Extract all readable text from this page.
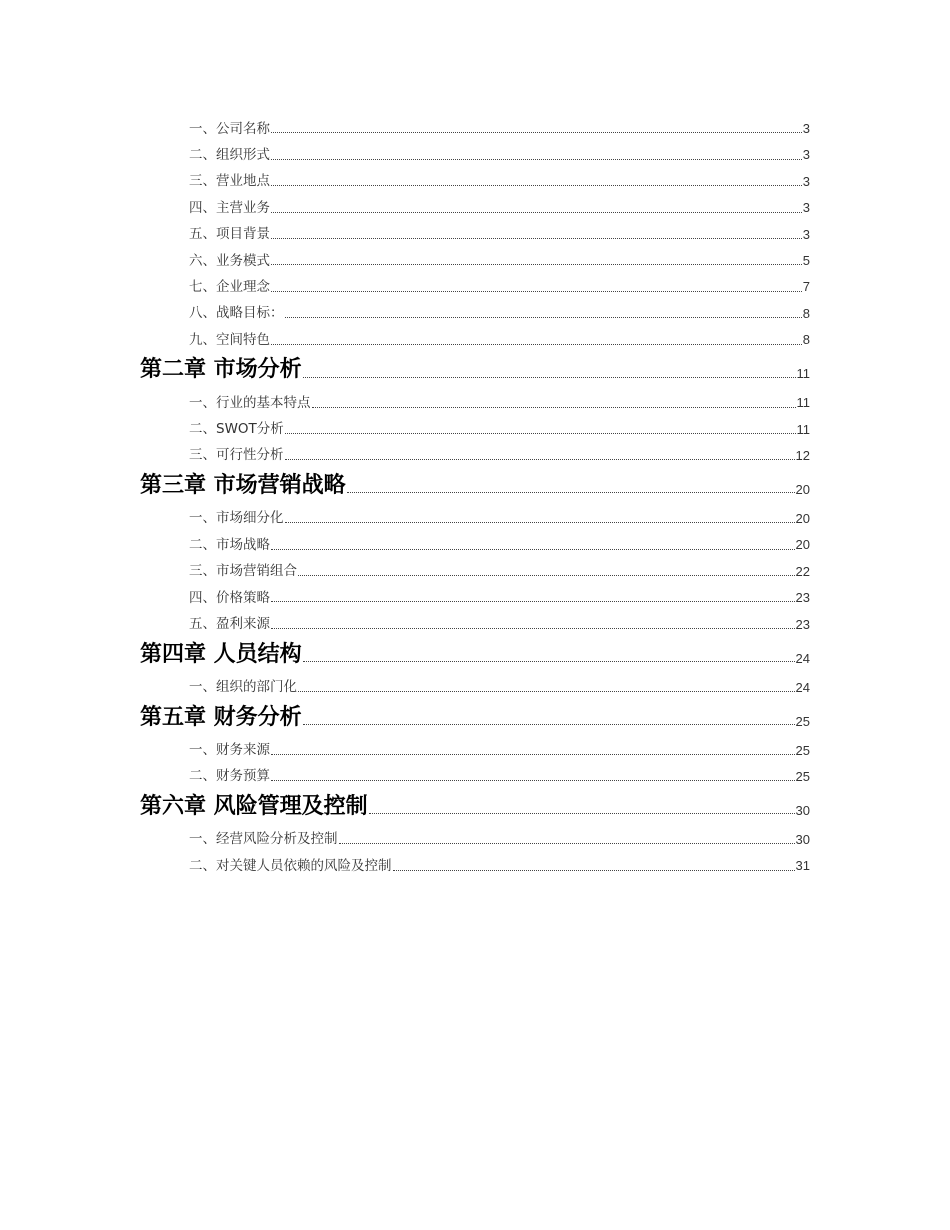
一、公司名称	3
二、组织形式	3
三、营业地点	3
四、主营业务	3
五、项目背景	3
六、业务模式	5
七、企业理念	7
八、战略目标：	8
九、空间特色	8
第二章 市场分析	11
一、行业的基本特点	11
二、SWOT分析	11
三、可行性分析	12
第三章 市场营销战略	20
一、市场细分化	20
二、市场战略	20
三、市场营销组合	22
四、价格策略	23
五、盈利来源	23
第四章 人员结构	24
一、组织的部门化	24
第五章 财务分析	25
一、财务来源	25
二、财务预算	25
第六章 风险管理及控制	30
一、经营风险分析及控制	30
二、对关键人员依赖的风险及控制	31
